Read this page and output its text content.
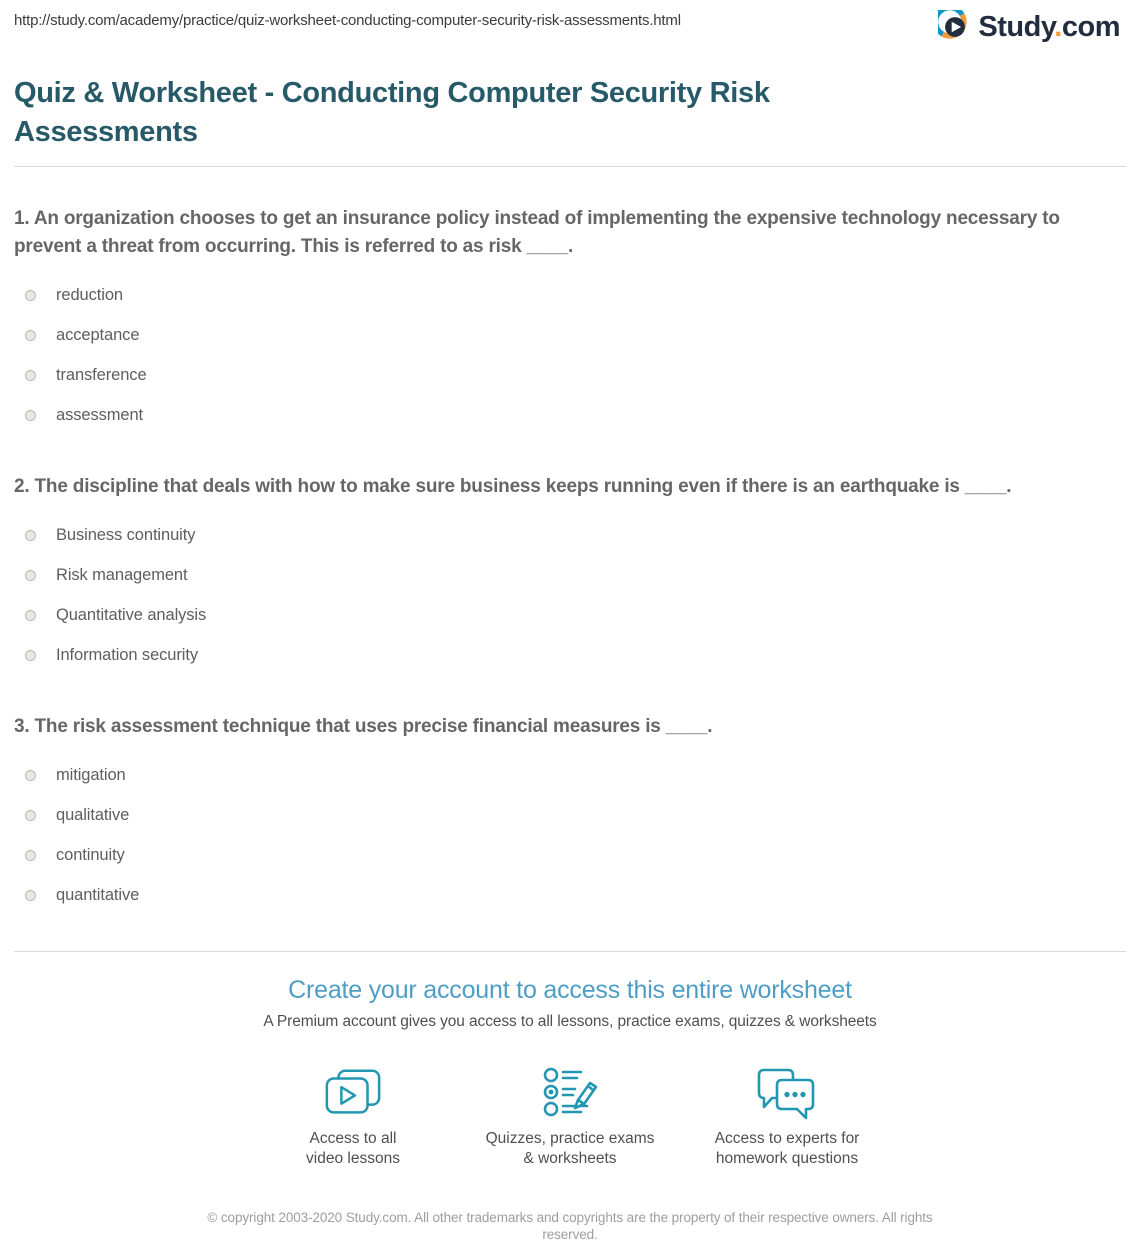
http://study.com/academy/practice/quiz-worksheet-conducting-computer-security-risk-assessments.html	Study.com
Quiz & Worksheet - Conducting Computer Security Risk Assessments
1. An organization chooses to get an insurance policy instead of implementing the expensive technology necessary to prevent a threat from occurring. This is referred to as risk ____.
reduction
acceptance
transference
assessment
2. The discipline that deals with how to make sure business keeps running even if there is an earthquake is ____.
Business continuity
Risk management
Quantitative analysis
Information security
3. The risk assessment technique that uses precise financial measures is ____.
mitigation
qualitative
continuity
quantitative
Create your account to access this entire worksheet
A Premium account gives you access to all lessons, practice exams, quizzes & worksheets
Access to all
video lessons
Quizzes, practice exams
& worksheets
Access to experts for
homework questions
© copyright 2003-2020 Study.com. All other trademarks and copyrights are the property of their respective owners. All rights reserved.
